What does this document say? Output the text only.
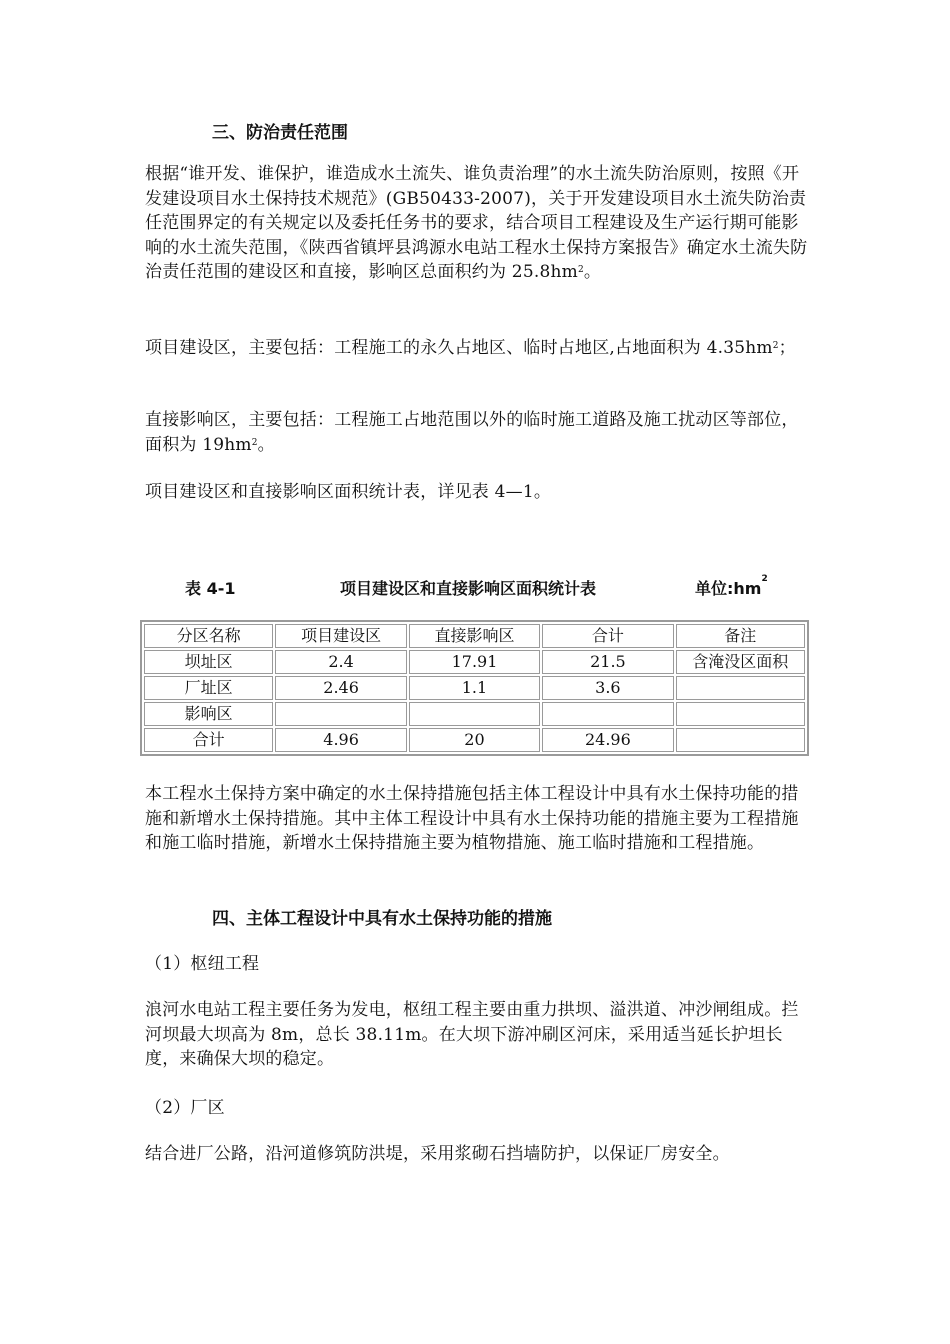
三、防治责任范围

根据“谁开发、谁保护，谁造成水土流失、谁负责治理”的水土流失防治原则，按照《开发建设项目水土保持技术规范》(GB50433-2007)，关于开发建设项目水土流失防治责任范围界定的有关规定以及委托任务书的要求，结合项目工程建设及生产运行期可能影响的水土流失范围，《陕西省镇坪县鸿源水电站工程水土保持方案报告》确定水土流失防治责任范围的建设区和直接，影响区总面积约为 $25.8hm^2$。

项目建设区，主要包括：工程施工的永久占地区、临时占地区,占地面积为 $4.35hm^2$；

直接影响区，主要包括：工程施工占地范围以外的临时施工道路及施工扰动区等部位，面积为 $19hm^2$。

项目建设区和直接影响区面积统计表，详见表 4—1。

表 4-1	项目建设区和直接影响区面积统计表	单位$:hm^2$
分区名称	项目建设区	直接影响区	合计	备注
坝址区	2.4	17.91	21.5	含淹没区面积
厂址区	2.46	1.1	3.6	
影响区				
合计	4.96	20	24.96	

本工程水土保持方案中确定的水土保持措施包括主体工程设计中具有水土保持功能的措施和新增水土保持措施。其中主体工程设计中具有水土保持功能的措施主要为工程措施和施工临时措施，新增水土保持措施主要为植物措施、施工临时措施和工程措施。

四、主体工程设计中具有水土保持功能的措施

（1）枢纽工程

浪河水电站工程主要任务为发电，枢纽工程主要由重力拱坝、溢洪道、冲沙闸组成。拦河坝最大坝高为 8m，总长 38.11m。在大坝下游冲刷区河床，采用适当延长护坦长度，来确保大坝的稳定。

（2）厂区

结合进厂公路，沿河道修筑防洪堤，采用浆砌石挡墙防护，以保证厂房安全。
